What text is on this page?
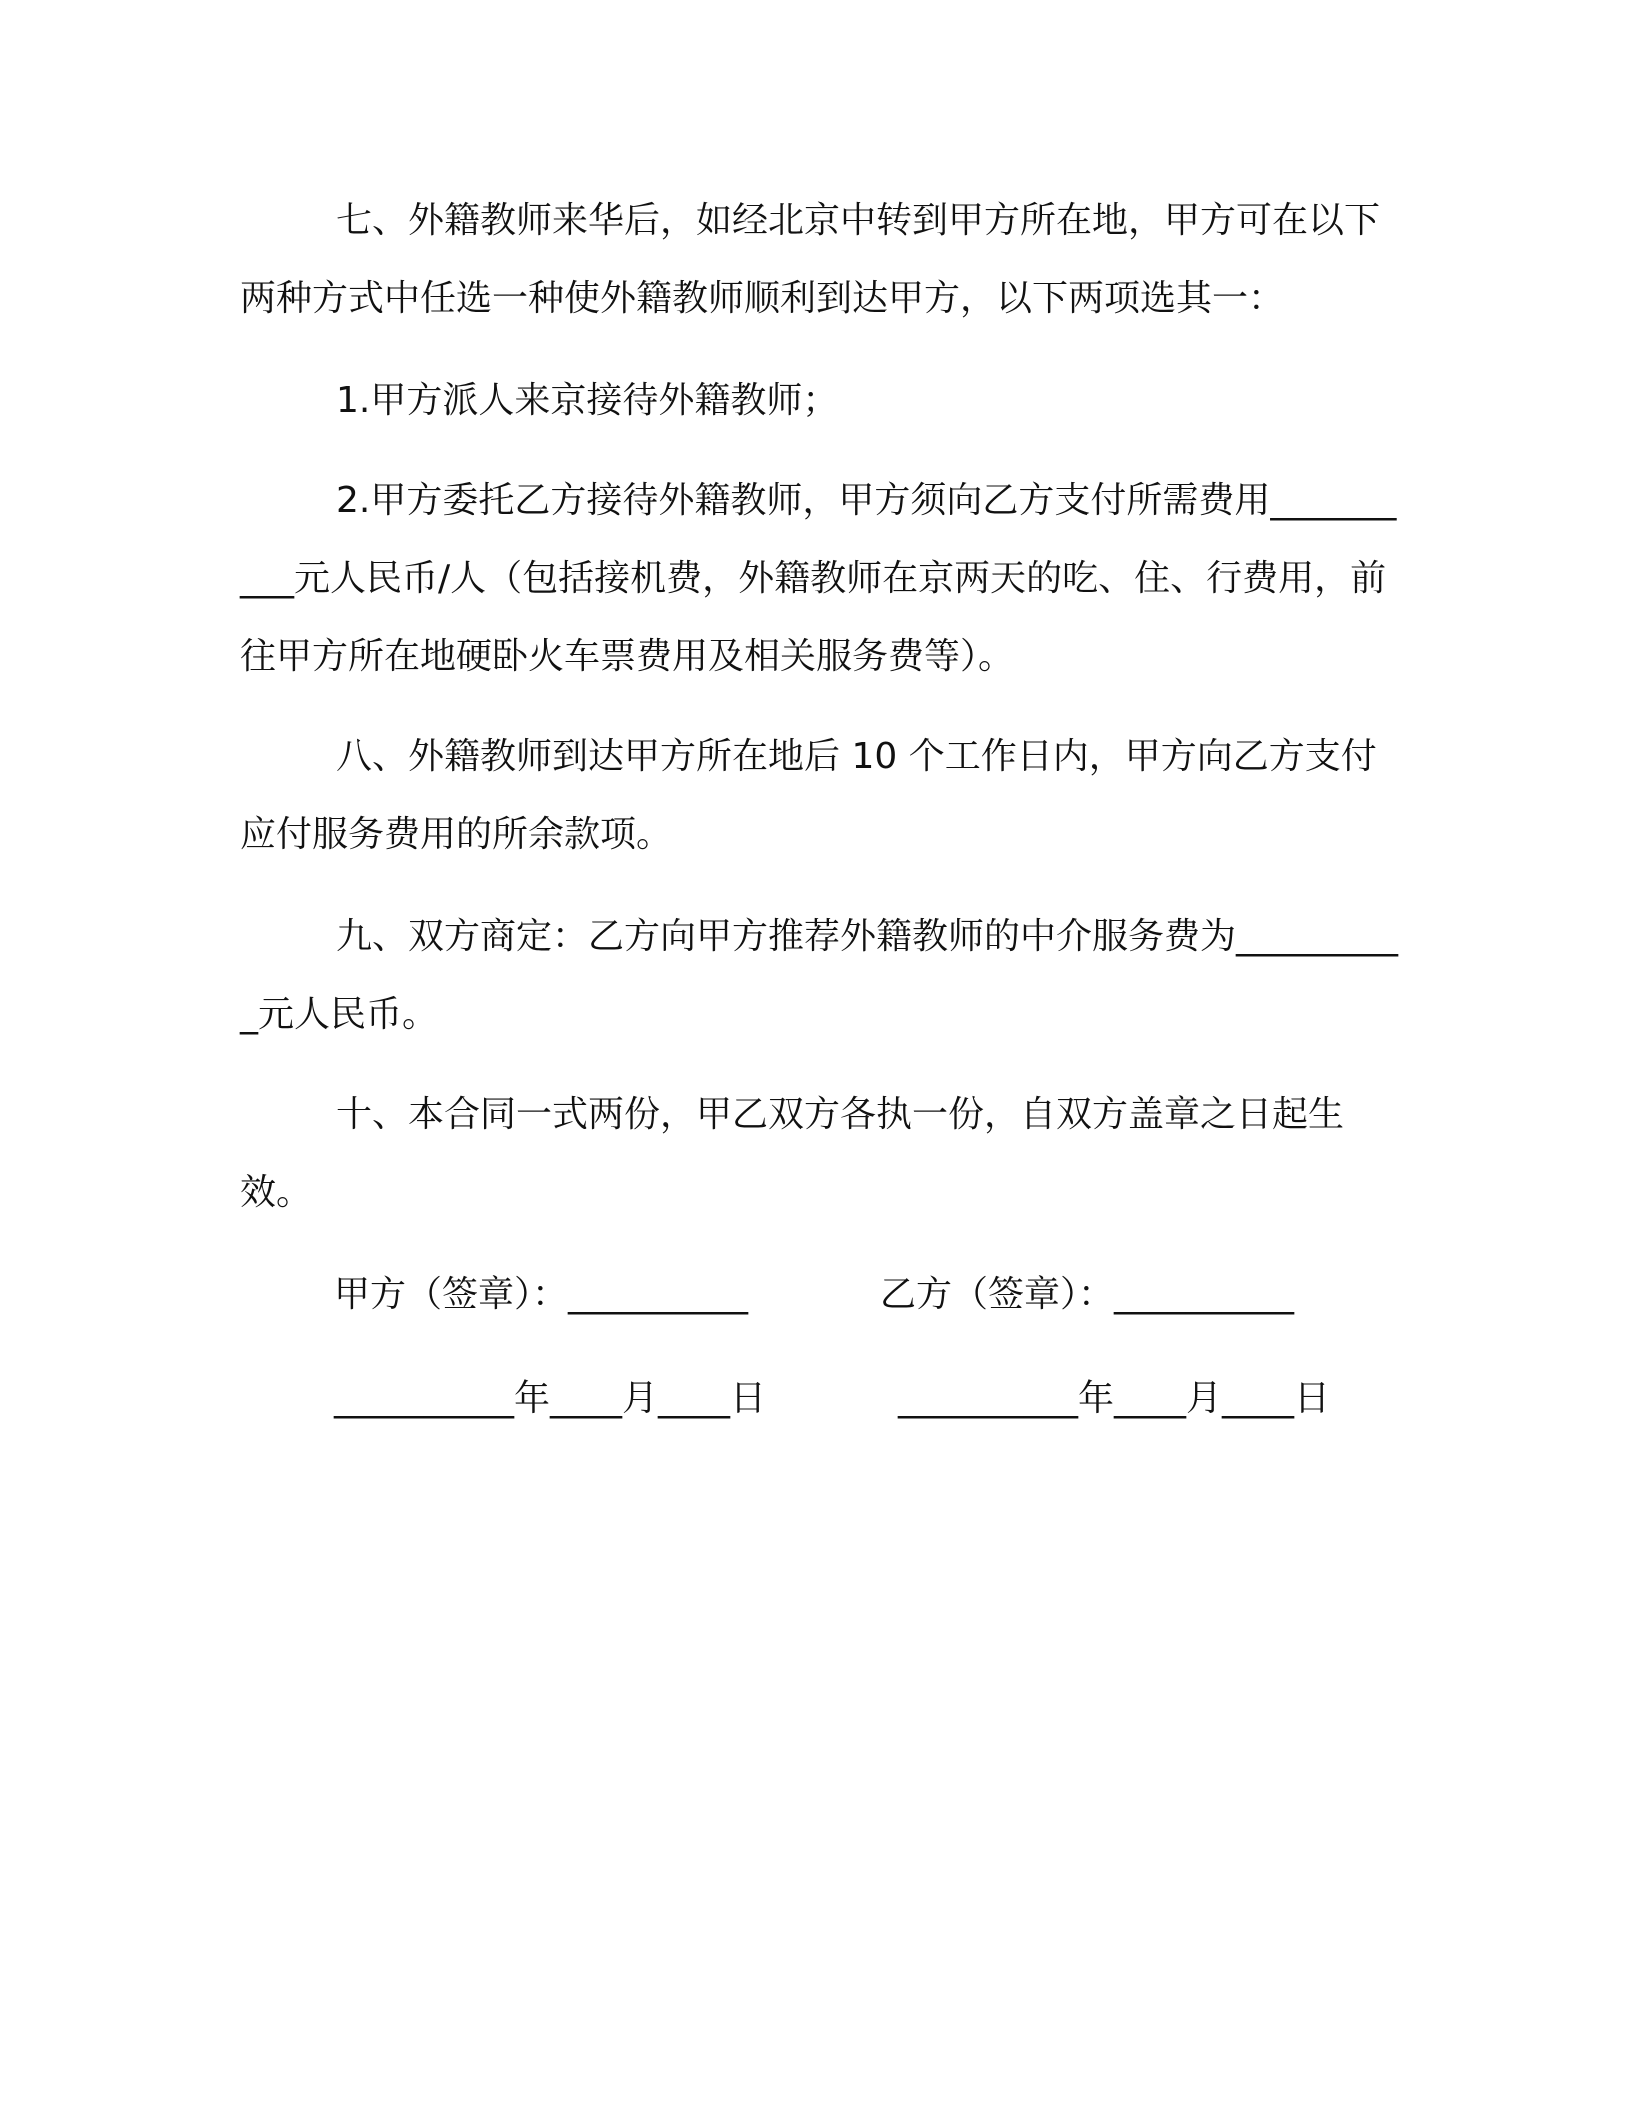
七、外籍教师来华后，如经北京中转到甲方所在地，甲方可在以下两种方式中任选一种使外籍教师顺利到达甲方，以下两项选其一：

1.甲方派人来京接待外籍教师；

2.甲方委托乙方接待外籍教师，甲方须向乙方支付所需费用__________元人民币/人（包括接机费，外籍教师在京两天的吃、住、行费用，前往甲方所在地硬卧火车票费用及相关服务费等）。

八、外籍教师到达甲方所在地后 10 个工作日内，甲方向乙方支付应付服务费用的所余款项。

九、双方商定：乙方向甲方推荐外籍教师的中介服务费为__________元人民币。

十、本合同一式两份，甲乙双方各执一份，自双方盖章之日起生效。

甲方（签章）：__________	乙方（签章）：__________

__________年____月____日	__________年____月____日
